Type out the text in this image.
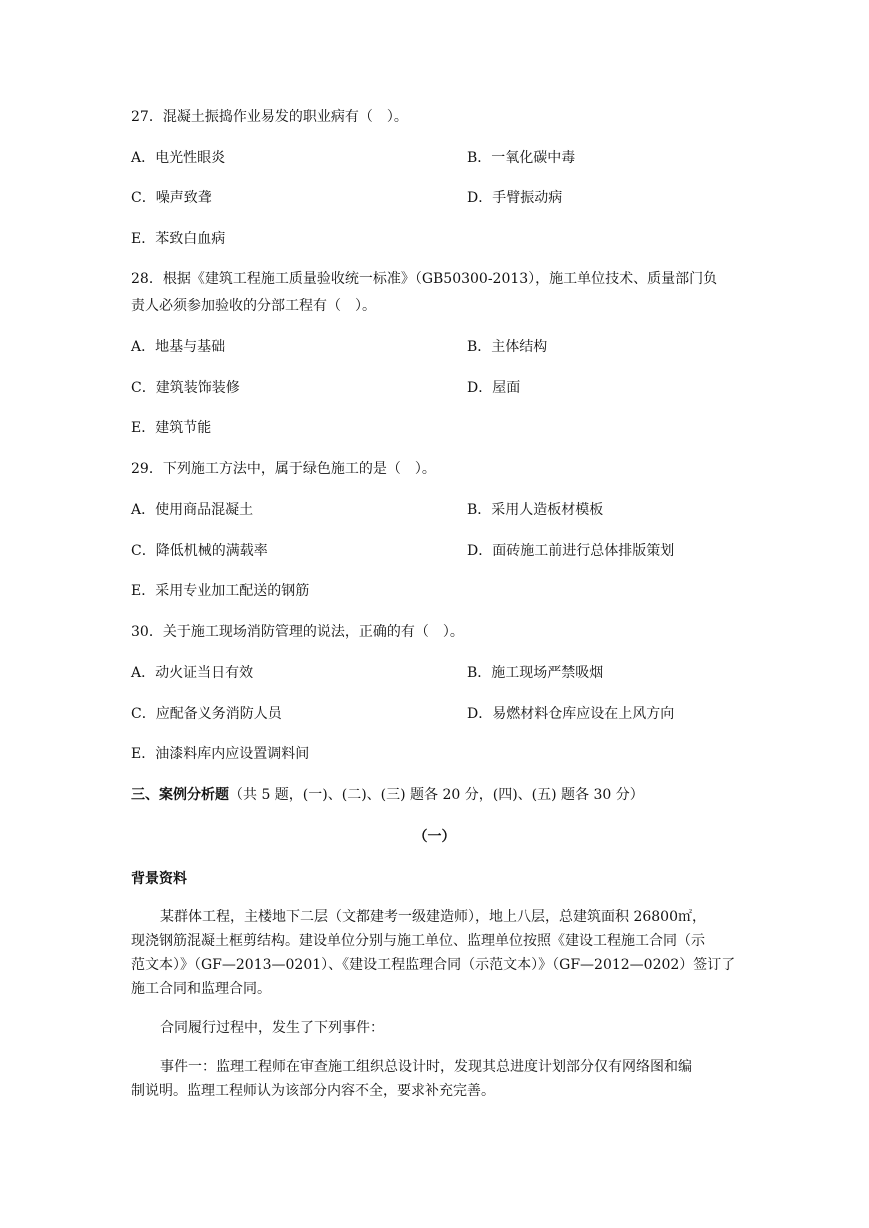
27．混凝土振捣作业易发的职业病有（　）。
A．电光性眼炎	B．一氧化碳中毒
C．噪声致聋	D．手臂振动病
E．苯致白血病
28．根据《建筑工程施工质量验收统一标准》（GB50300-2013），施工单位技术、质量部门负
责人必须参加验收的分部工程有（　）。
A．地基与基础	B．主体结构
C．建筑装饰装修	D．屋面
E．建筑节能
29．下列施工方法中，属于绿色施工的是（　）。
A．使用商品混凝土	B．采用人造板材模板
C．降低机械的满载率	D．面砖施工前进行总体排版策划
E．采用专业加工配送的钢筋
30．关于施工现场消防管理的说法，正确的有（　）。
A．动火证当日有效	B．施工现场严禁吸烟
C．应配备义务消防人员	D．易燃材料仓库应设在上风方向
E．油漆料库内应设置调料间
三、案例分析题（共 5 题，(一)、(二)、(三) 题各 20 分，(四)、(五) 题各 30 分）
（一）
背景资料
某群体工程，主楼地下二层（文都建考一级建造师），地上八层，总建筑面积 26800㎡，
现浇钢筋混凝土框剪结构。建设单位分别与施工单位、监理单位按照《建设工程施工合同（示
范文本）》（GF—2013—0201）、《建设工程监理合同（示范文本）》（GF—2012—0202）签订了
施工合同和监理合同。
合同履行过程中，发生了下列事件：
事件一：监理工程师在审查施工组织总设计时，发现其总进度计划部分仅有网络图和编
制说明。监理工程师认为该部分内容不全，要求补充完善。
